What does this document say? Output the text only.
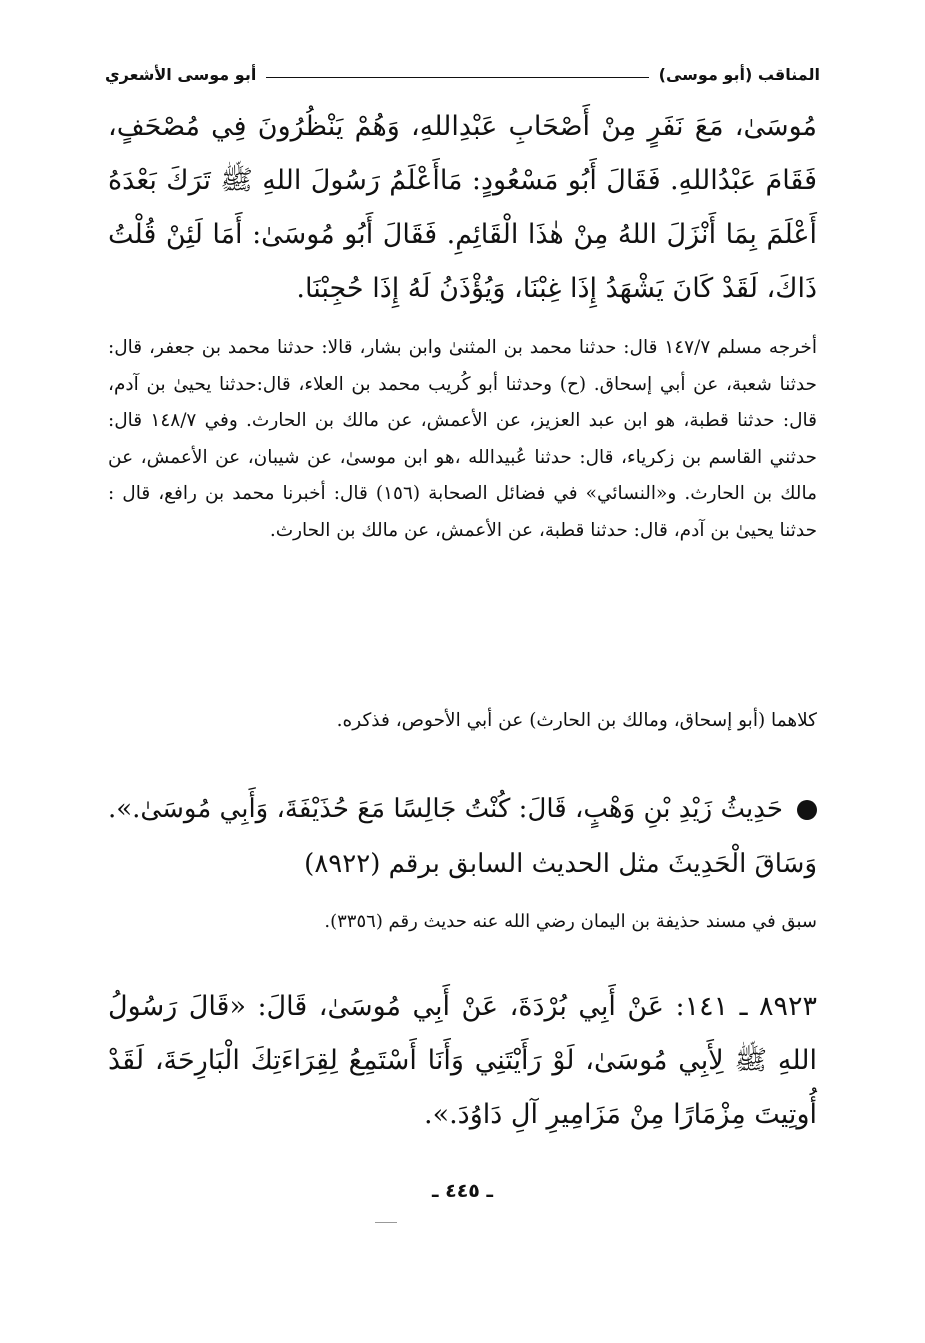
المناقب (أبو موسى)
أبو موسى الأشعري
مُوسَىٰ، مَعَ نَفَرٍ مِنْ أَصْحَابِ عَبْدِاللهِ، وَهُمْ يَنْظُرُونَ فِي مُصْحَفٍ، فَقَامَ عَبْدُاللهِ. فَقَالَ أَبُو مَسْعُودٍ: مَاأَعْلَمُ رَسُولَ اللهِ ﷺ تَرَكَ بَعْدَهُ أَعْلَمَ بِمَا أَنْزَلَ اللهُ مِنْ هٰذَا الْقَائِمِ. فَقَالَ أَبُو مُوسَىٰ: أَمَا لَئِنْ قُلْتُ ذَاكَ، لَقَدْ كَانَ يَشْهَدُ إِذَا غِبْنَا، وَيُؤْذَنُ لَهُ إِذَا حُجِبْنَا.
أخرجه مسلم ١٤٧/٧ قال: حدثنا محمد بن المثنىٰ وابن بشار، قالا: حدثنا محمد بن جعفر، قال: حدثنا شعبة، عن أبي إسحاق. (ح) وحدثنا أبو كُريب محمد بن العلاء، قال:حدثنا يحيىٰ بن آدم، قال: حدثنا قطبة، هو ابن عبد العزيز، عن الأعمش، عن مالك بن الحارث. وفي ١٤٨/٧ قال: حدثني القاسم بن زكرياء، قال: حدثنا عُبيدالله ،هو ابن موسىٰ، عن شيبان، عن الأعمش، عن مالك بن الحارث. و«النسائي» في فضائل الصحابة (١٥٦) قال: أخبرنا محمد بن رافع، قال : حدثنا يحيىٰ بن آدم، قال: حدثنا قطبة، عن الأعمش، عن مالك بن الحارث.
كلاهما (أبو إسحاق، ومالك بن الحارث) عن أبي الأحوص، فذكره.
حَدِيثُ زَيْدِ بْنِ وَهْبٍ، قَالَ: كُنْتُ جَالِسًا مَعَ حُذَيْفَةَ، وَأَبِي مُوسَىٰ.». وَسَاقَ الْحَدِيثَ مثل الحديث السابق برقم (٨٩٢٢)
سبق في مسند حذيفة بن اليمان رضي الله عنه حديث رقم (٣٣٥٦).
٨٩٢٣ ـ ١٤١: عَنْ أَبِي بُرْدَةَ، عَنْ أَبِي مُوسَىٰ، قَالَ: «قَالَ رَسُولُ اللهِ ﷺ لِأَبِي مُوسَىٰ، لَوْ رَأَيْتَنِي وَأَنَا أَسْتَمِعُ لِقِرَاءَتِكَ الْبَارِحَةَ، لَقَدْ أُوتِيتَ مِزْمَارًا مِنْ مَزَامِيرِ آلِ دَاوُدَ.».
ـ ٤٤٥ ـ
